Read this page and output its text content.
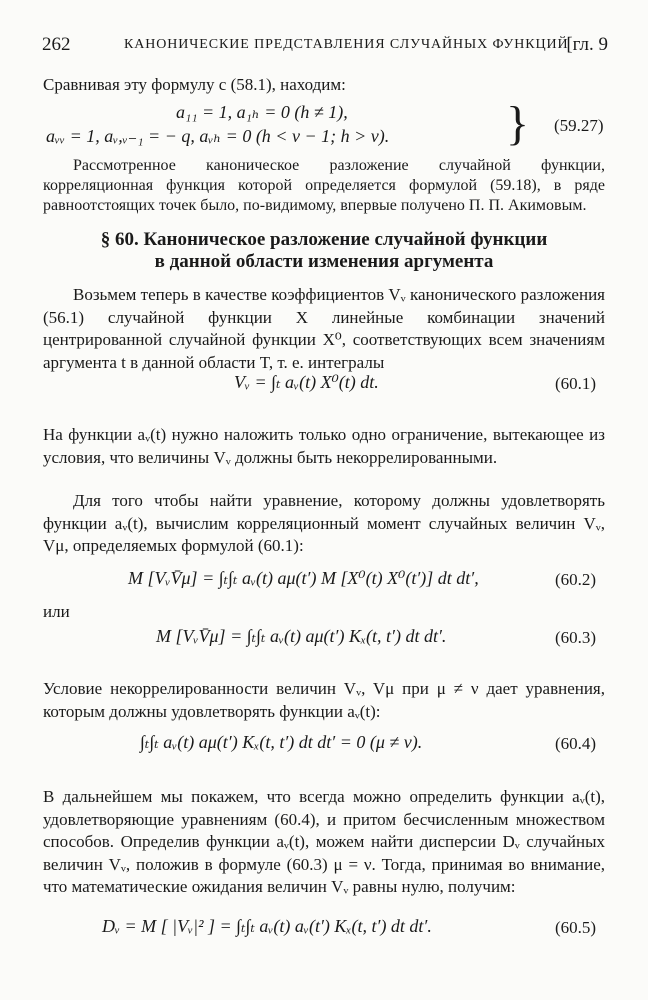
262	КАНОНИЧЕСКИЕ ПРЕДСТАВЛЕНИЯ СЛУЧАЙНЫХ ФУНКЦИЙ
[гл. 9

Сравнивая эту формулу с (58.1), находим:

a₁₁ = 1, a₁ₕ = 0 (h ≠ 1),
aᵥᵥ = 1, aᵥ,ᵥ₋₁ = − q, aᵥₕ = 0 (h < ν − 1; h > ν). } (59.27)

Рассмотренное каноническое разложение случайной функции, корреляционная функция которой определяется формулой (59.18), в ряде равноотстоящих точек было, по-видимому, впервые получено П. П. Акимовым.

§ 60. Каноническое разложение случайной функции
в данной области изменения аргумента

Возьмем теперь в качестве коэффициентов Vᵥ канонического разложения (56.1) случайной функции X линейные комбинации значений центрированной случайной функции X⁰, соответствующих всем значениям аргумента t в данной области T, т. е. интегралы

Vᵥ = ∫ₜ aᵥ(t) X⁰(t) dt.	(60.1)

На функции aᵥ(t) нужно наложить только одно ограничение, вытекающее из условия, что величины Vᵥ должны быть некоррелированными.

Для того чтобы найти уравнение, которому должны удовлетворять функции aᵥ(t), вычислим корреляционный момент случайных величин Vᵥ, Vμ, определяемых формулой (60.1):

M [VᵥV̄μ] = ∫ₜ∫ₜ aᵥ(t) aμ(t′) M [X⁰(t) X⁰(t′)] dt dt′,	(60.2)

или

M [VᵥV̄μ] = ∫ₜ∫ₜ aᵥ(t) aμ(t′) Kₓ(t, t′) dt dt′.	(60.3)

Условие некоррелированности величин Vᵥ, Vμ при μ ≠ ν дает уравнения, которым должны удовлетворять функции aᵥ(t):

∫ₜ∫ₜ aᵥ(t) aμ(t′) Kₓ(t, t′) dt dt′ = 0 (μ ≠ ν).	(60.4)

В дальнейшем мы покажем, что всегда можно определить функции aᵥ(t), удовлетворяющие уравнениям (60.4), и притом бесчисленным множеством способов. Определив функции aᵥ(t), можем найти дисперсии Dᵥ случайных величин Vᵥ, положив в формуле (60.3) μ = ν. Тогда, принимая во внимание, что математические ожидания величин Vᵥ равны нулю, получим:

Dᵥ = M [ |Vᵥ|² ] = ∫ₜ∫ₜ aᵥ(t) aᵥ(t′) Kₓ(t, t′) dt dt′.	(60.5)
